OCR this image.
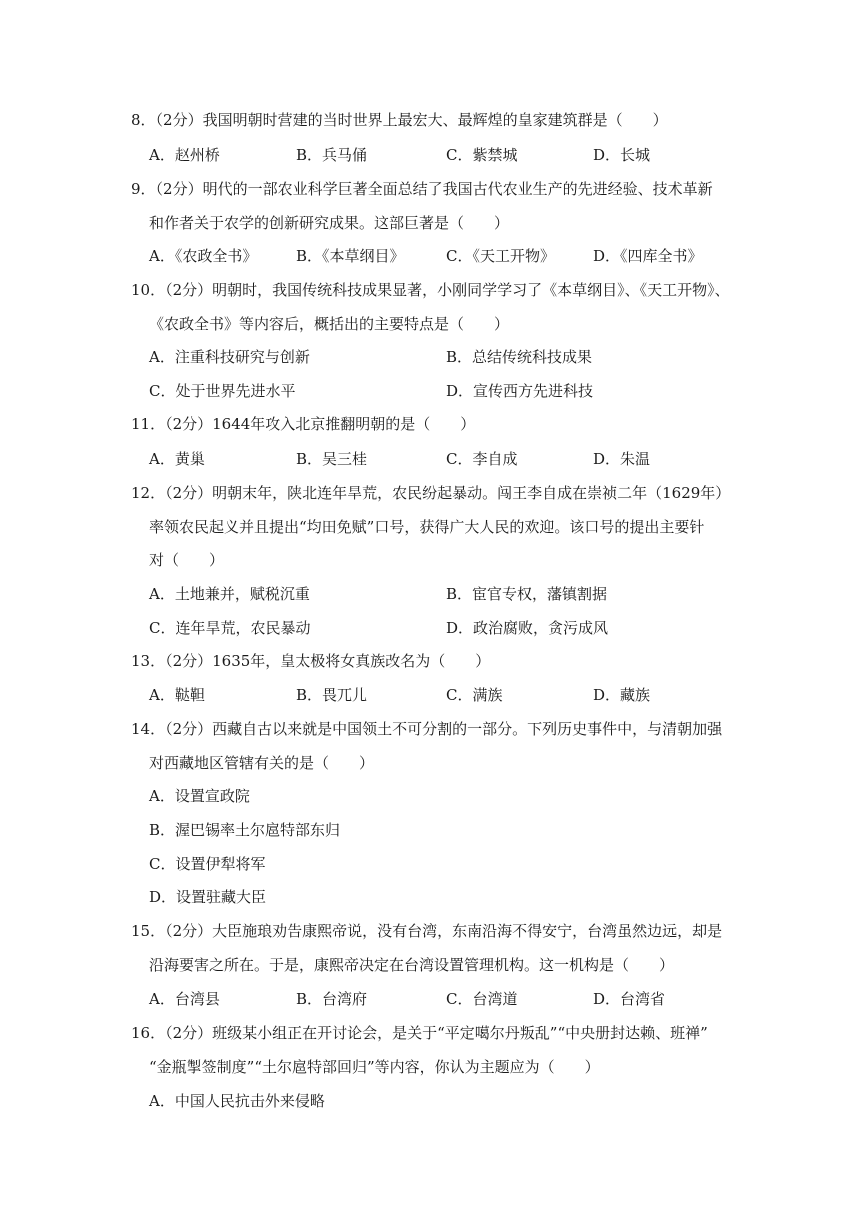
8．（2分）我国明朝时营建的当时世界上最宏大、最辉煌的皇家建筑群是（　　）
A．赵州桥	B．兵马俑	C．紫禁城	D．长城
9．（2分）明代的一部农业科学巨著全面总结了我国古代农业生产的先进经验、技术革新
和作者关于农学的创新研究成果。这部巨著是（　　）
A．《农政全书》	B．《本草纲目》	C．《天工开物》	D．《四库全书》
10．（2分）明朝时，我国传统科技成果显著，小刚同学学习了《本草纲目》、《天工开物》、
《农政全书》等内容后，概括出的主要特点是（　　）
A．注重科技研究与创新	B．总结传统科技成果
C．处于世界先进水平	D．宣传西方先进科技
11．（2分）1644年攻入北京推翻明朝的是（　　）
A．黄巢	B．吴三桂	C．李自成	D．朱温
12．（2分）明朝末年，陕北连年旱荒，农民纷起暴动。闯王李自成在崇祯二年（1629年）
率领农民起义并且提出“均田免赋”口号，获得广大人民的欢迎。该口号的提出主要针
对（　　）
A．土地兼并，赋税沉重	B．宦官专权，藩镇割据
C．连年旱荒，农民暴动	D．政治腐败，贪污成风
13．（2分）1635年，皇太极将女真族改名为（　　）
A．鞑靼	B．畏兀儿	C．满族	D．藏族
14．（2分）西藏自古以来就是中国领土不可分割的一部分。下列历史事件中，与清朝加强
对西藏地区管辖有关的是（　　）
A．设置宣政院
B．渥巴锡率土尔扈特部东归
C．设置伊犁将军
D．设置驻藏大臣
15．（2分）大臣施琅劝告康熙帝说，没有台湾，东南沿海不得安宁，台湾虽然边远，却是
沿海要害之所在。于是，康熙帝决定在台湾设置管理机构。这一机构是（　　）
A．台湾县	B．台湾府	C．台湾道	D．台湾省
16．（2分）班级某小组正在开讨论会，是关于“平定噶尔丹叛乱”“中央册封达赖、班禅”
“金瓶掣签制度”“土尔扈特部回归”等内容，你认为主题应为（　　）
A．中国人民抗击外来侵略
